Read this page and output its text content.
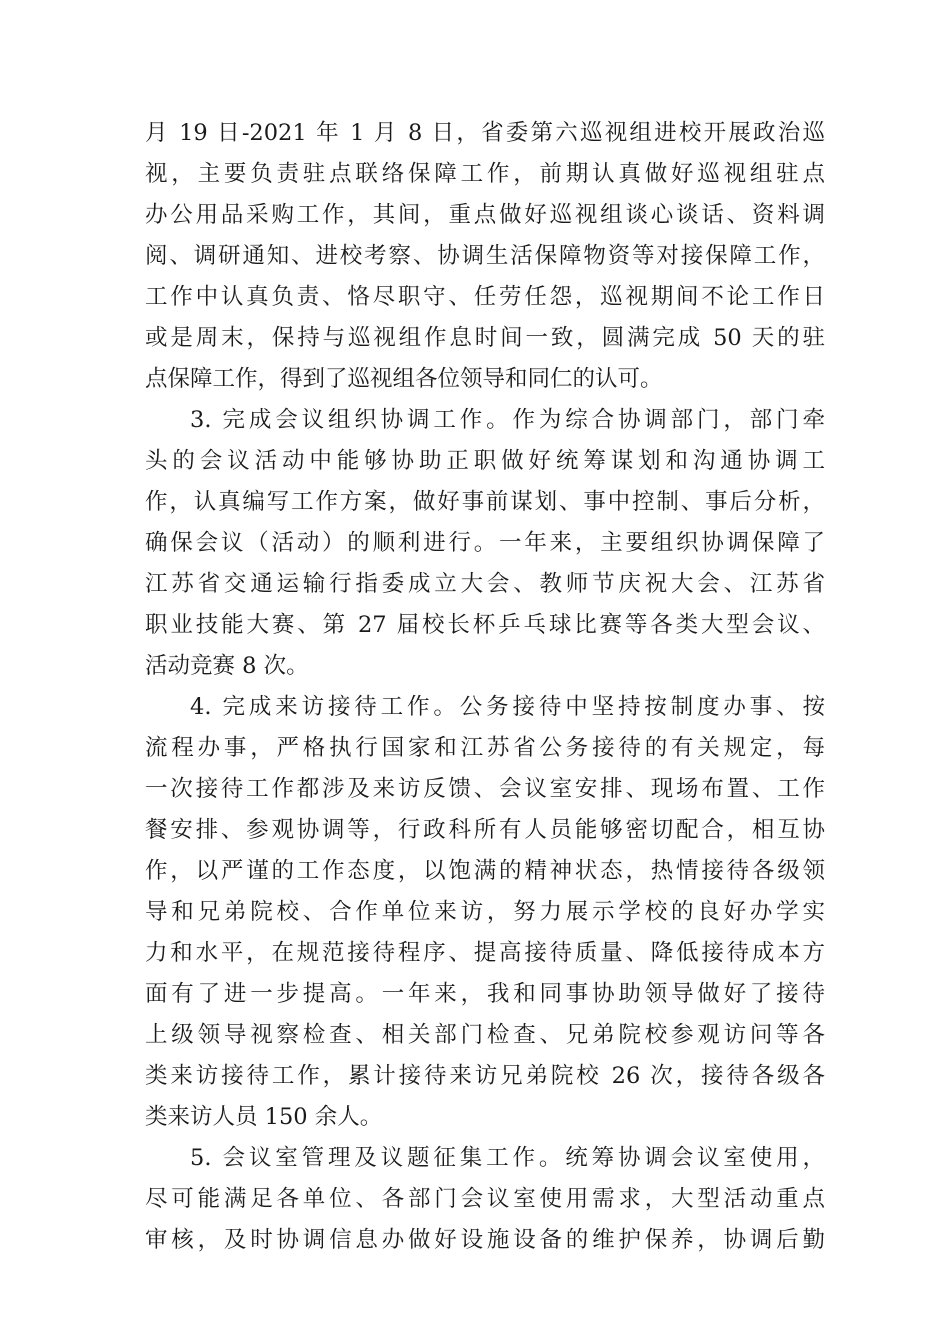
月 19 日-2021 年 1 月 8 日，省委第六巡视组进校开展政治巡
视，主要负责驻点联络保障工作，前期认真做好巡视组驻点
办公用品采购工作，其间，重点做好巡视组谈心谈话、资料调
阅、调研通知、进校考察、协调生活保障物资等对接保障工作，
工作中认真负责、恪尽职守、任劳任怨，巡视期间不论工作日
或是周末，保持与巡视组作息时间一致，圆满完成 50 天的驻
点保障工作，得到了巡视组各位领导和同仁的认可。
3. 完成会议组织协调工作。作为综合协调部门，部门牵
头的会议活动中能够协助正职做好统筹谋划和沟通协调工
作，认真编写工作方案，做好事前谋划、事中控制、事后分析，
确保会议（活动）的顺利进行。一年来，主要组织协调保障了
江苏省交通运输行指委成立大会、教师节庆祝大会、江苏省
职业技能大赛、第 27 届校长杯乒乓球比赛等各类大型会议、
活动竞赛 8 次。
4. 完成来访接待工作。公务接待中坚持按制度办事、按
流程办事，严格执行国家和江苏省公务接待的有关规定，每
一次接待工作都涉及来访反馈、会议室安排、现场布置、工作
餐安排、参观协调等，行政科所有人员能够密切配合，相互协
作，以严谨的工作态度，以饱满的精神状态，热情接待各级领
导和兄弟院校、合作单位来访，努力展示学校的良好办学实
力和水平，在规范接待程序、提高接待质量、降低接待成本方
面有了进一步提高。一年来，我和同事协助领导做好了接待
上级领导视察检查、相关部门检查、兄弟院校参观访问等各
类来访接待工作，累计接待来访兄弟院校 26 次，接待各级各
类来访人员 150 余人。
5. 会议室管理及议题征集工作。统筹协调会议室使用，
尽可能满足各单位、各部门会议室使用需求，大型活动重点
审核，及时协调信息办做好设施设备的维护保养，协调后勤
